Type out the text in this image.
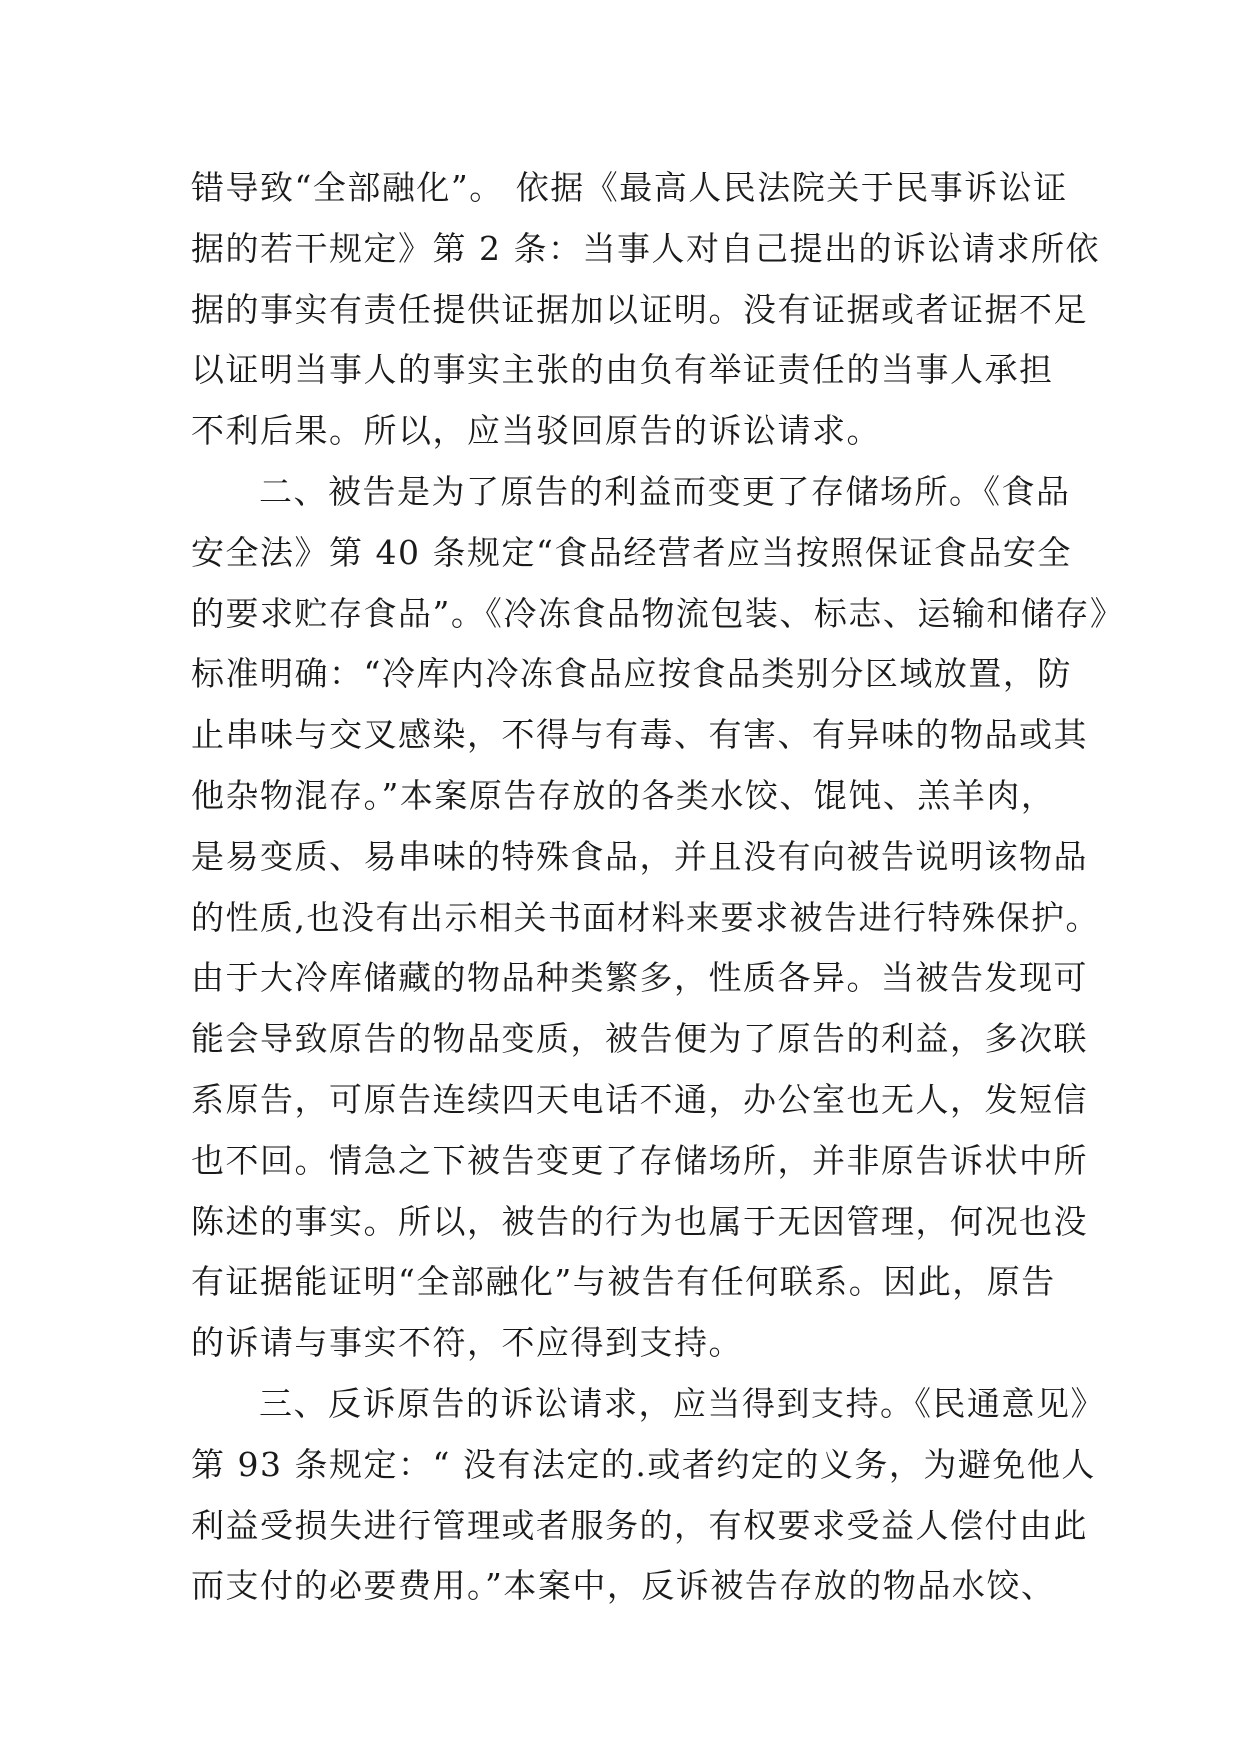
错导致“全部融化”。 依据《最高人民法院关于民事诉讼证
据的若干规定》第 2 条：当事人对自己提出的诉讼请求所依
据的事实有责任提供证据加以证明。没有证据或者证据不足
以证明当事人的事实主张的由负有举证责任的当事人承担
不利后果。所以，应当驳回原告的诉讼请求。
二、被告是为了原告的利益而变更了存储场所。《食品
安全法》第 40 条规定“食品经营者应当按照保证食品安全
的要求贮存食品”。《冷冻食品物流包装、标志、运输和储存》
标准明确：“冷库内冷冻食品应按食品类别分区域放置，防
止串味与交叉感染，不得与有毒、有害、有异味的物品或其
他杂物混存。”本案原告存放的各类水饺、馄饨、羔羊肉，
是易变质、易串味的特殊食品，并且没有向被告说明该物品
的性质,也没有出示相关书面材料来要求被告进行特殊保护。
由于大冷库储藏的物品种类繁多，性质各异。当被告发现可
能会导致原告的物品变质，被告便为了原告的利益，多次联
系原告，可原告连续四天电话不通，办公室也无人，发短信
也不回。情急之下被告变更了存储场所，并非原告诉状中所
陈述的事实。所以，被告的行为也属于无因管理，何况也没
有证据能证明“全部融化”与被告有任何联系。因此，原告
的诉请与事实不符，不应得到支持。
三、反诉原告的诉讼请求，应当得到支持。《民通意见》
第 93 条规定：“ 没有法定的.或者约定的义务，为避免他人
利益受损失进行管理或者服务的，有权要求受益人偿付由此
而支付的必要费用。”本案中，反诉被告存放的物品水饺、
